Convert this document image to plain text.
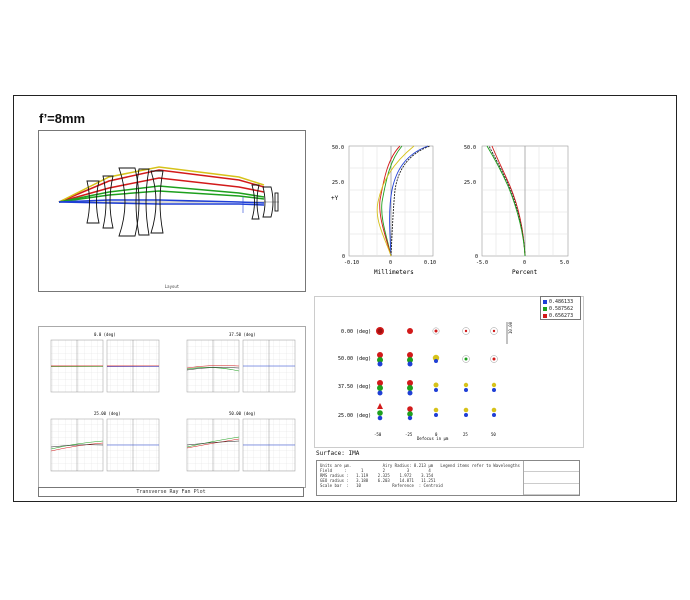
f’=8mm
Layout
+Y
50.0
25.0
0
-0.10	0	0.10
Millimeters
25.0
50.0
0
-5.0	0	5.0
Percent
0.0 (deg)	37.50 (deg)
25.00 (deg)	50.00 (deg)
Transverse Ray Fan Plot
0.486133
0.587562
0.656273
0.00 (deg)
50.00 (deg)
37.50 (deg)
25.00 (deg)
10.00
-50	-25	0	25	50
Defocus in µm
Surface: IMA
Units are µm.             Airy Radius: 8.213 µm   Legend items refer to Wavelengths
Field     :      1        2         3        4
RMS radius :   1.119    2.325    1.972    3.154
GEO radius :   3.188    6.203    14.871   11.251
Scale bar  :   10             Reference  : Centroid
